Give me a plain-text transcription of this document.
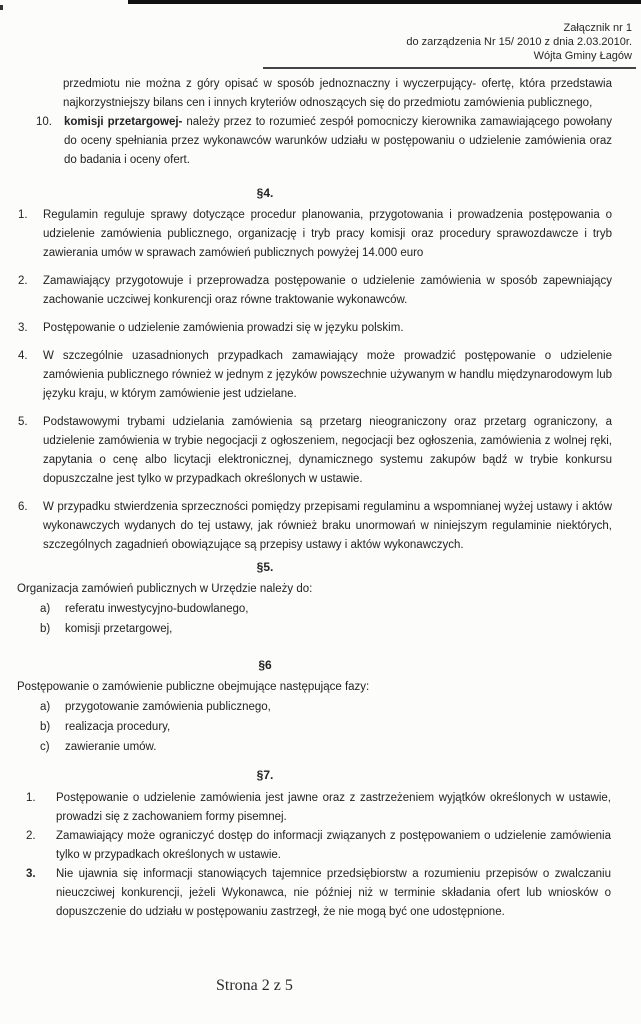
Załącznik nr 1
do zarządzenia Nr 15/ 2010 z dnia 2.03.2010r.
Wójta Gminy Łagów
przedmiotu nie można z góry opisać w sposób jednoznaczny i wyczerpujący- ofertę, która przedstawia najkorzystniejszy bilans cen i innych kryteriów odnoszących się do przedmiotu zamówienia publicznego,
10. komisji przetargowej- należy przez to rozumieć zespół pomocniczy kierownika zamawiającego powołany do oceny spełniania przez wykonawców warunków udziału w postępowaniu o udzielenie zamówienia oraz do badania i oceny ofert.
§4.
1. Regulamin reguluje sprawy dotyczące procedur planowania, przygotowania i prowadzenia postępowania o udzielenie zamówienia publicznego, organizację i tryb pracy komisji oraz procedury sprawozdawcze i tryb zawierania umów w sprawach zamówień publicznych powyżej 14.000 euro
2. Zamawiający przygotowuje i przeprowadza postępowanie o udzielenie zamówienia w sposób zapewniający zachowanie uczciwej konkurencji oraz równe traktowanie wykonawców.
3. Postępowanie o udzielenie zamówienia prowadzi się w języku polskim.
4. W szczególnie uzasadnionych przypadkach zamawiający może prowadzić postępowanie o udzielenie zamówienia publicznego również w jednym z języków powszechnie używanym w handlu międzynarodowym lub języku kraju, w którym zamówienie jest udzielane.
5. Podstawowymi trybami udzielania zamówienia są przetarg nieograniczony oraz przetarg ograniczony, a udzielenie zamówienia w trybie negocjacji z ogłoszeniem, negocjacji bez ogłoszenia, zamówienia z wolnej ręki, zapytania o cenę albo licytacji elektronicznej, dynamicznego systemu zakupów bądź w trybie konkursu dopuszczalne jest tylko w przypadkach określonych w ustawie.
6. W przypadku stwierdzenia sprzeczności pomiędzy przepisami regulaminu a wspomnianej wyżej ustawy i aktów wykonawczych wydanych do tej ustawy, jak również braku unormowań w niniejszym regulaminie niektórych, szczególnych zagadnień obowiązujące są przepisy ustawy i aktów wykonawczych.
§5.
Organizacja zamówień publicznych w Urzędzie należy do:
a) referatu inwestycyjno-budowlanego,
b) komisji przetargowej,
§6
Postępowanie o zamówienie publiczne obejmujące następujące fazy:
a) przygotowanie zamówienia publicznego,
b) realizacja procedury,
c) zawieranie umów.
§7.
1. Postępowanie o udzielenie zamówienia jest jawne oraz z zastrzeżeniem wyjątków określonych w ustawie, prowadzi się z zachowaniem formy pisemnej.
2. Zamawiający może ograniczyć dostęp do informacji związanych z postępowaniem o udzielenie zamówienia tylko w przypadkach określonych w ustawie.
3. Nie ujawnia się informacji stanowiących tajemnice przedsiębiorstw a rozumieniu przepisów o zwalczaniu nieuczciwej konkurencji, jeżeli Wykonawca, nie później niż w terminie składania ofert lub wniosków o dopuszczenie do udziału w postępowaniu zastrzegł, że nie mogą być one udostępnione.
Strona 2 z 5
